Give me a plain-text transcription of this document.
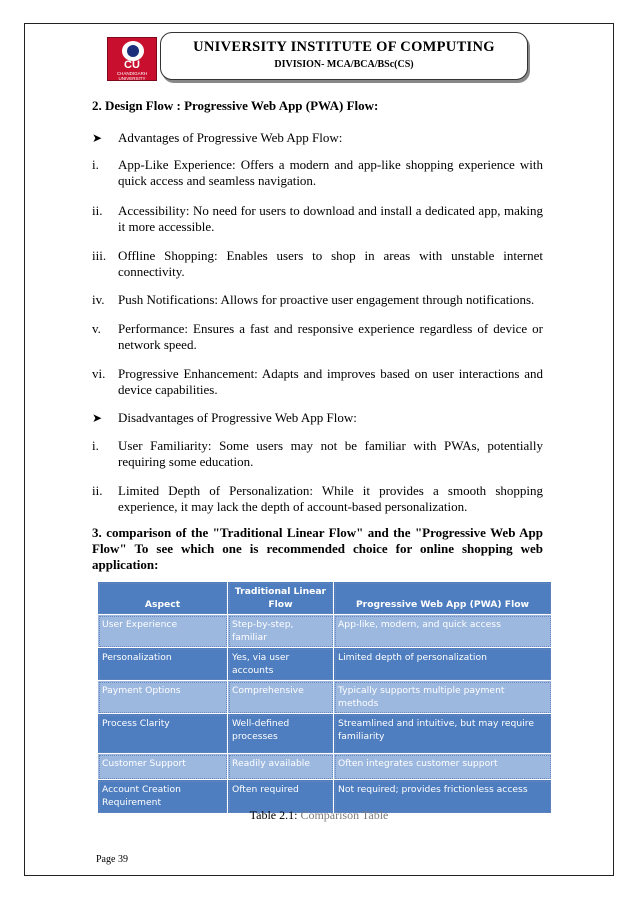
CU
CHANDIGARH UNIVERSITY
UNIVERSITY INSTITUTE OF COMPUTING
DIVISION- MCA/BCA/BSc(CS)
2. Design Flow : Progressive Web App (PWA) Flow:
➤ Advantages of Progressive Web App Flow:
i. App-Like Experience: Offers a modern and app-like shopping experience with quick access and seamless navigation.
ii. Accessibility: No need for users to download and install a dedicated app, making it more accessible.
iii. Offline Shopping: Enables users to shop in areas with unstable internet connectivity.
iv. Push Notifications: Allows for proactive user engagement through notifications.
v. Performance: Ensures a fast and responsive experience regardless of device or network speed.
vi. Progressive Enhancement: Adapts and improves based on user interactions and device capabilities.
➤ Disadvantages of Progressive Web App Flow:
i. User Familiarity: Some users may not be familiar with PWAs, potentially requiring some education.
ii. Limited Depth of Personalization: While it provides a smooth shopping experience, it may lack the depth of account-based personalization.
3. comparison of the "Traditional Linear Flow" and the "Progressive Web App Flow" To see which one is recommended choice for online shopping web application:
Aspect	Traditional Linear Flow	Progressive Web App (PWA) Flow
User Experience	Step-by-step, familiar	App-like, modern, and quick access
Personalization	Yes, via user accounts	Limited depth of personalization
Payment Options	Comprehensive	Typically supports multiple payment methods
Process Clarity	Well-defined processes	Streamlined and intuitive, but may require familiarity
Customer Support	Readily available	Often integrates customer support
Account Creation Requirement	Often required	Not required; provides frictionless access
Table 2.1: Comparison Table
Page 39
